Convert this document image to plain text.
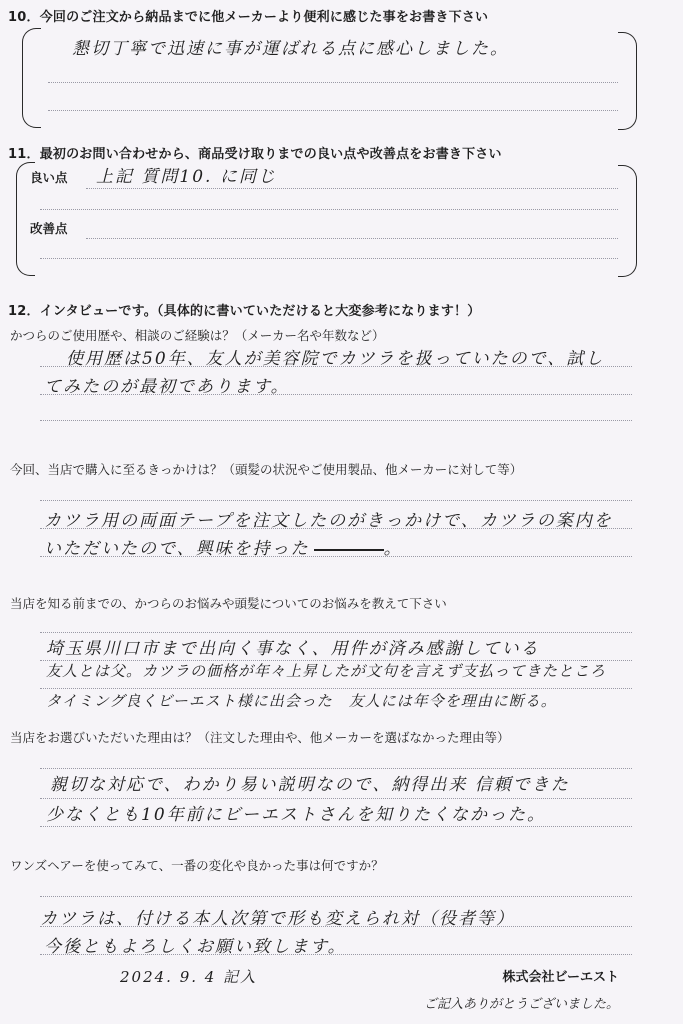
10．今回のご注文から納品までに他メーカーより便利に感じた事をお書き下さい
懇切丁寧で迅速に事が運ばれる点に感心しました。
11．最初のお問い合わせから、商品受け取りまでの良い点や改善点をお書き下さい
良い点 上記 質問10. に同じ
改善点
12．インタビューです。（具体的に書いていただけると大変参考になります！）
かつらのご使用歴や、相談のご経験は？（メーカー名や年数など）
使用歴は50年、友人が美容院でカツラを扱っていたので、試し
てみたのが最初であります。
今回、当店で購入に至るきっかけは？（頭髪の状況やご使用製品、他メーカーに対して等）
カツラ用の両面テープを注文したのがきっかけで、カツラの案内を
いただいたので、興味を持った	。
当店を知る前までの、かつらのお悩みや頭髪についてのお悩みを教えて下さい
埼玉県川口市まで出向く事なく、用件が済み感謝している
友人とは父。カツラの価格が年々上昇したが文句を言えず支払ってきたところ
タイミング良くビーエスト様に出会った　友人には年令を理由に断る。
当店をお選びいただいた理由は？（注文した理由や、他メーカーを選ばなかった理由等）
親切な対応で、わかり易い説明なので、納得出来 信頼できた
少なくとも10年前にビーエストさんを知りたくなかった。
ワンズヘアーを使ってみて、一番の変化や良かった事は何ですか？
カツラは、付ける本人次第で形も変えられ対（役者等）
今後ともよろしくお願い致します。
2024. 9. 4 記入	株式会社ビーエスト
ご記入ありがとうございました。
